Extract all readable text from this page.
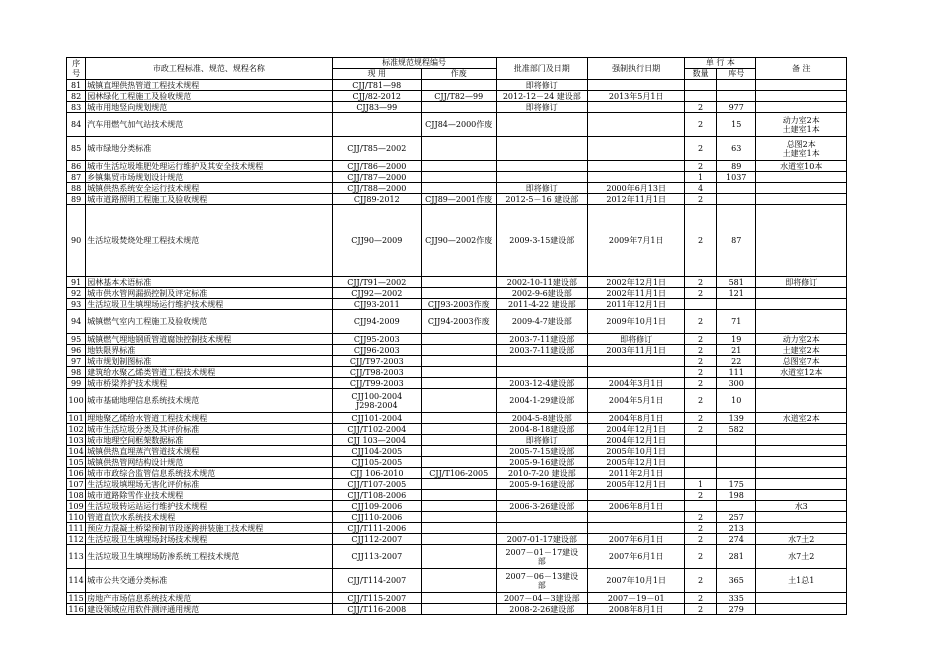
序
号	市政工程标准、规范、规程名称	标准规范规程编号		批准部门及日期	强制执行日期	单 行 本		备 注
		现 用	作废			数量	库号	
81	城镇直埋供热管道工程技术规程	CJJ/T81—98		即将修订				
82	园林绿化工程施工及验收规范	CJJ/82-2012	CJJ/T82—99	2012-12－24 建设部	2013年5月1日			
83	城市用地竖向规划规范	CJJ83—99		即将修订		2	977	
84	汽车用燃气加气站技术规范		CJJ84—2000作废			2	15	动力室2本
土建室1本
85	城市绿地分类标准	CJJ/T85—2002				2	63	总图2本
土建室1本
86	城市生活垃圾堆肥处理运行维护及其安全技术规程	CJJ/T86—2000				2	89	水道室10本
87	乡镇集贸市场规划设计规范	CJJ/T87—2000				1	1037	
88	城镇供热系统安全运行技术规程	CJJ/T88—2000		即将修订	2000年6月13日	4		
89	城市道路照明工程施工及验收规程	CJJ89-2012	CJJ89—2001作废	2012-5－16 建设部	2012年11月1日	2		
90	生活垃圾焚烧处理工程技术规范	CJJ90—2009	CJJ90—2002作废	2009-3-15建设部	2009年7月1日	2	87	
91	园林基本术语标准	CJJ/T91—2002		2002-10-11建设部	2002年12月1日	2	581	即将修订
92	城市供水管网漏损控制及评定标准	CJJ92—2002		2002-9-6建设部	2002年11月1日	2	121	
93	生活垃圾卫生填埋场运行维护技术规程	CJJ93-2011	CJJ93-2003作废	2011-4-22 建设部	2011年12月1日			
94	城镇燃气室内工程施工及验收规范	CJJ94-2009	CJJ94-2003作废	2009-4-7建设部	2009年10月1日	2	71	
95	城镇燃气埋地钢质管道腐蚀控制技术规程	CJJ95-2003		2003-7-11建设部	即将修订	2	19	动力室2本
96	地铁限界标准	CJJ96-2003		2003-7-11建设部	2003年11月1日	2	21	土建室2本
97	城市规划制图标准	CJJ/T97-2003				2	22	总图室7本
98	建筑给水聚乙烯类管道工程技术规程	CJJ/T98-2003				2	111	水道室12本
99	城市桥梁养护技术规程	CJJ/T99-2003		2003-12-4建设部	2004年3月1日	2	300	
100	城市基础地理信息系统技术规范	CJJ100-2004
J298-2004		2004-1-29建设部	2004年5月1日	2	10	
101	埋地聚乙烯给水管道工程技术规程	CJJ101-2004		2004-5-8建设部	2004年8月1日	2	139	水道室2本
102	城市生活垃圾分类及其评价标准	CJJ/T102-2004		2004-8-18建设部	2004年12月1日	2	582	
103	城市地理空间框架数据标准	CJJ 103—2004		即将修订	2004年12月1日			
104	城镇供热直埋蒸汽管道技术规程	CJJ104-2005		2005-7-15建设部	2005年10月1日			
105	城镇供热管网结构设计规范	CJJ105-2005		2005-9-16建设部	2005年12月1日			
106	城市市政综合监管信息系统技术规范	CJJ 106-2010	CJJ/T106-2005	2010-7-20 建设部	2011年2月1日			
107	生活垃圾填埋场无害化评价标准	CJJ/T107-2005		2005-9-16建设部	2005年12月1日	1	175	
108	城市道路除雪作业技术规程	CJJ/T108-2006				2	198	
109	生活垃圾转运站运行维护技术规程	CJJ109-2006		2006-3-26建设部	2006年8月1日			水3
110	管道直饮水系统技术规程	CJJ110-2006				2	257	
111	预应力混凝土桥梁预制节段逐跨拼装施工技术规程	CJJ/T111-2006				2	213	
112	生活垃圾卫生填埋场封场技术规程	CJJ112-2007		2007-01-17建设部	2007年6月1日	2	274	水7土2
113	生活垃圾卫生填埋场防渗系统工程技术规范	CJJ113-2007		2007－01－17建设
部	2007年6月1日	2	281	水7土2
114	城市公共交通分类标准	CJJ/T114-2007		2007－06－13建设
部	2007年10月1日	2	365	土1总1
115	房地产市场信息系统技术规范	CJJ/T115-2007		2007－04－3建设部	2007－19－01	2	335	
116	建设领域应用软件测评通用规范	CJJ/T116-2008		2008-2-26建设部	2008年8月1日	2	279	
